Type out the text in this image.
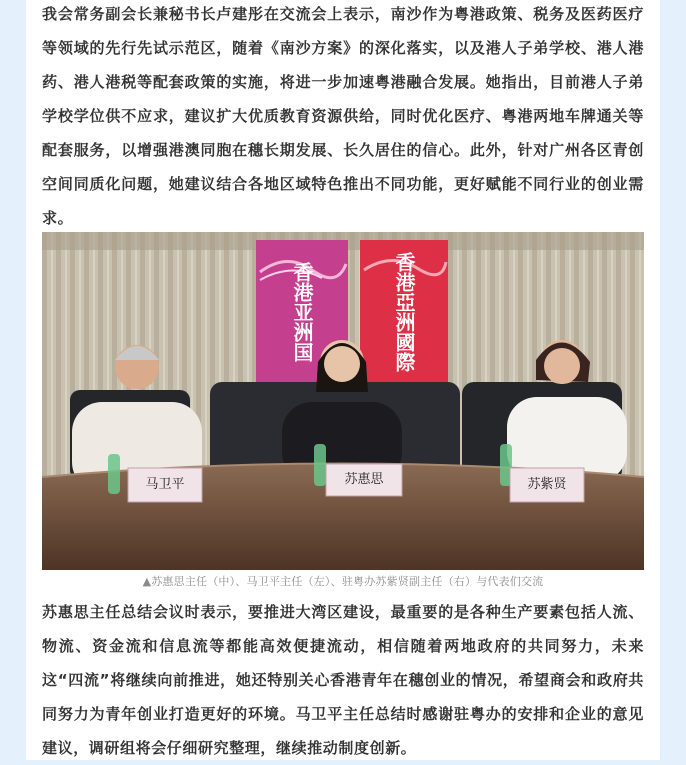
我会常务副会长兼秘书长卢建彤在交流会上表示，南沙作为粤港政策、税务及医药医疗等领域的先行先试示范区，随着《南沙方案》的深化落实，以及港人子弟学校、港人港药、港人港税等配套政策的实施，将进一步加速粤港融合发展。她指出，目前港人子弟学校学位供不应求，建议扩大优质教育资源供给，同时优化医疗、粤港两地车牌通关等配套服务，以增强港澳同胞在穗长期发展、长久居住的信心。此外，针对广州各区青创空间同质化问题，她建议结合各地区域特色推出不同功能，更好赋能不同行业的创业需求。

香港亚洲国	香港亞洲國際
马卫平	苏惠思	苏紫贤
▲苏惠思主任（中）、马卫平主任（左）、驻粤办苏紫贤副主任（右）与代表们交流

苏惠思主任总结会议时表示，要推进大湾区建设，最重要的是各种生产要素包括人流、物流、资金流和信息流等都能高效便捷流动，相信随着两地政府的共同努力，未来这“四流”将继续向前推进，她还特别关心香港青年在穗创业的情况，希望商会和政府共同努力为青年创业打造更好的环境。马卫平主任总结时感谢驻粤办的安排和企业的意见建议，调研组将会仔细研究整理，继续推动制度创新。
